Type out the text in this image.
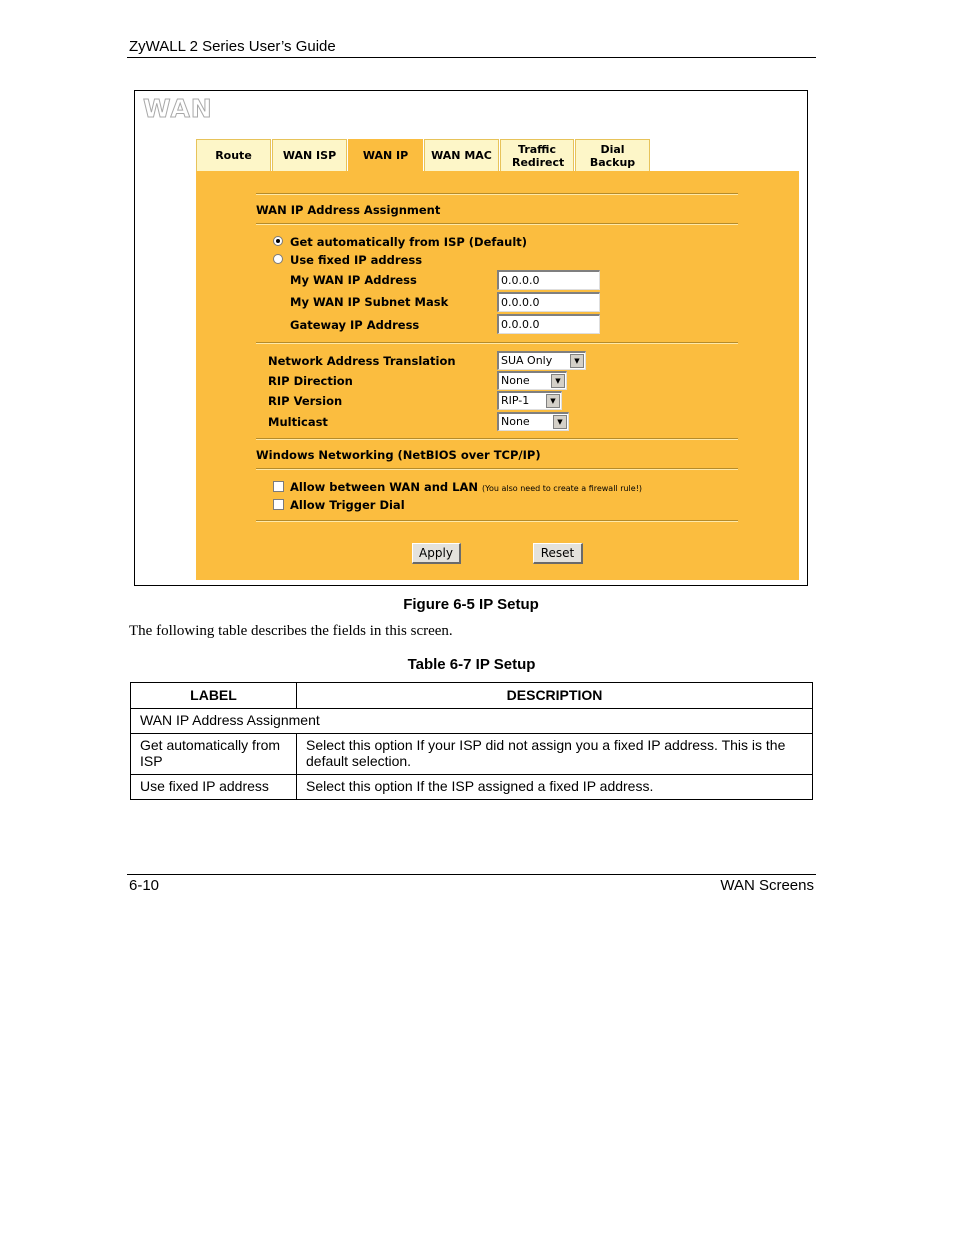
ZyWALL 2 Series User’s Guide
WAN
Route	WAN ISP	WAN IP	WAN MAC	Traffic Redirect
Dial Backup
WAN IP Address Assignment
Get automatically from ISP (Default)
Use fixed IP address
My WAN IP Address	0.0.0.0
My WAN IP Subnet Mask	0.0.0.0
Gateway IP Address	0.0.0.0
Network Address Translation	SUA Only	▼
RIP Direction	None	▼
RIP Version	RIP-1	▼
Multicast	None	▼
Windows Networking (NetBIOS over TCP/IP)
Allow between WAN and LAN (You also need to create a firewall rule!)
Allow Trigger Dial
Apply	Reset
Figure 6-5 IP Setup
The following table describes the fields in this screen.
Table 6-7 IP Setup
LABEL	DESCRIPTION
WAN IP Address Assignment	
Get automatically from ISP	Select this option If your ISP did not assign you a fixed IP address. This is the default selection.
Use fixed IP address	Select this option If the ISP assigned a fixed IP address.
6-10	WAN Screens
